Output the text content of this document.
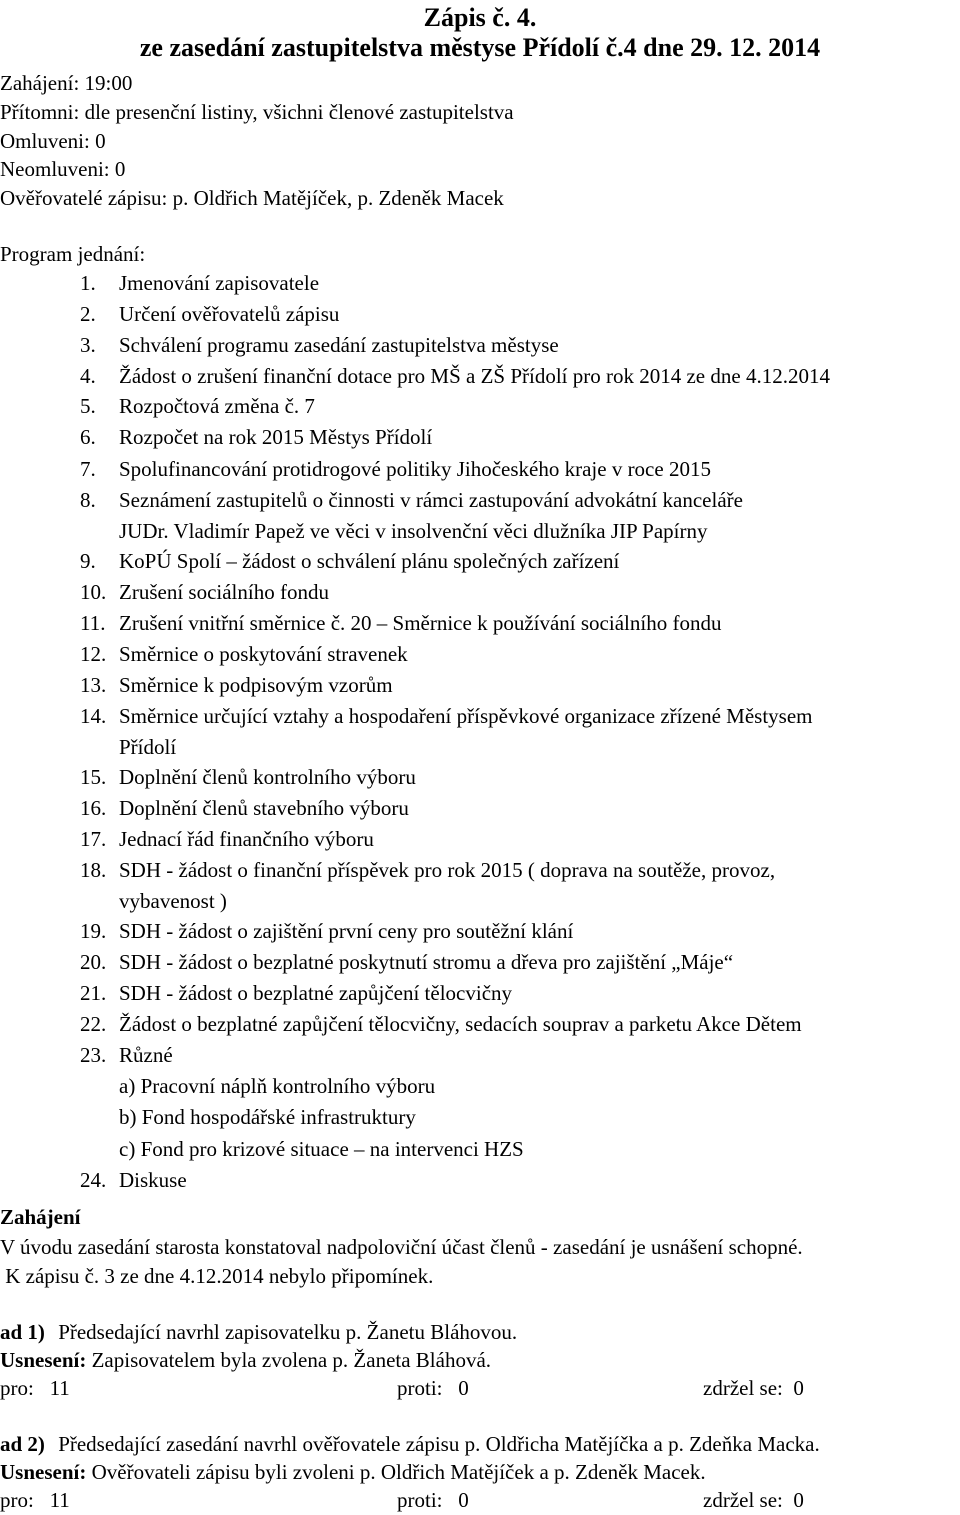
Zápis č. 4.
ze zasedání zastupitelstva městyse Přídolí č.4 dne 29. 12. 2014
Zahájení: 19:00
Přítomni: dle presenční listiny, všichni členové zastupitelstva
Omluveni: 0
Neomluveni: 0
Ověřovatelé zápisu: p. Oldřich Matějíček, p. Zdeněk Macek
Program jednání:
1.	Jmenování zapisovatele
2.	Určení ověřovatelů zápisu
3.	Schválení programu zasedání zastupitelstva městyse
4.	Žádost o zrušení finanční dotace pro MŠ a ZŠ Přídolí pro rok 2014 ze dne 4.12.2014
5.	Rozpočtová změna č. 7
6.	Rozpočet na rok 2015 Městys Přídolí
7.	Spolufinancování protidrogové politiky Jihočeského kraje v roce 2015
8.	Seznámení zastupitelů o činnosti v rámci zastupování advokátní kanceláře
JUDr. Vladimír Papež ve věci v insolvenční věci dlužníka JIP Papírny
9.	KoPÚ Spolí – žádost o schválení plánu společných zařízení
10. Zrušení sociálního fondu
11. Zrušení vnitřní směrnice č. 20 – Směrnice k používání sociálního fondu
12. Směrnice o poskytování stravenek
13. Směrnice k podpisovým vzorům
14. Směrnice určující vztahy a hospodaření příspěvkové organizace zřízené Městysem
Přídolí
15. Doplnění členů kontrolního výboru
16. Doplnění členů stavebního výboru
17. Jednací řád finančního výboru
18. SDH - žádost o finanční příspěvek pro rok 2015 ( doprava na soutěže, provoz,
vybavenost )
19. SDH - žádost o zajištění první ceny pro soutěžní klání
20. SDH - žádost o bezplatné poskytnutí stromu a dřeva pro zajištění „Máje“
21. SDH - žádost o bezplatné zapůjčení tělocvičny
22. Žádost o bezplatné zapůjčení tělocvičny, sedacích souprav a parketu Akce Dětem
23. Různé
a) Pracovní náplň kontrolního výboru
b) Fond hospodářské infrastruktury
c) Fond pro krizové situace – na intervenci HZS
24. Diskuse
Zahájení
V úvodu zasedání starosta konstatoval nadpoloviční účast členů - zasedání je usnášení schopné.
K zápisu č. 3 ze dne 4.12.2014 nebylo připomínek.
ad 1) Předsedající navrhl zapisovatelku p. Žanetu Bláhovou.
Usnesení: Zapisovatelem byla zvolena p. Žaneta Bláhová.
pro:   11	proti:   0	zdržel se:  0
ad 2) Předsedající zasedání navrhl ověřovatele zápisu p. Oldřicha Matějíčka a p. Zdeňka Macka.
Usnesení: Ověřovateli zápisu byli zvoleni p. Oldřich Matějíček a p. Zdeněk Macek.
pro:   11	proti:   0	zdržel se:  0
